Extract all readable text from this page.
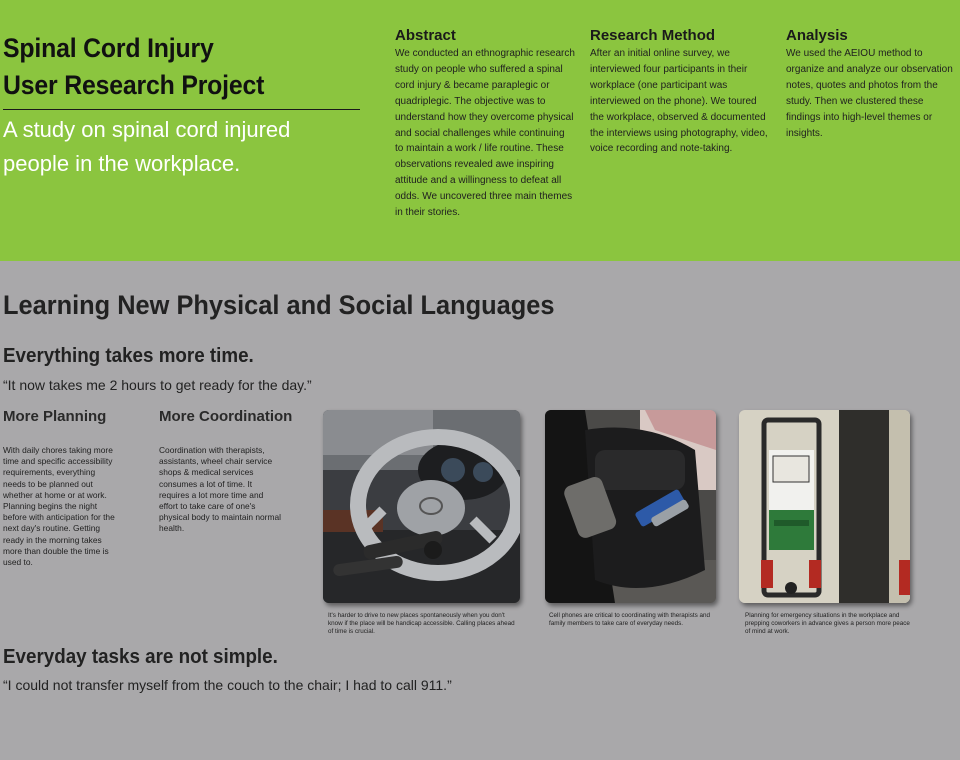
Spinal Cord Injury
User Research Project

A study on spinal cord injured
people in the workplace.

Abstract

We conducted an ethnographic research study on people who suffered a spinal cord injury & became paraplegic or quadriplegic. The objective was to understand how they overcome physical and social challenges while continuing to maintain a work / life routine. These observations revealed awe inspiring attitude and a willingness to defeat all odds. We uncovered three main themes in their stories.

Research Method

After an initial online survey, we interviewed four participants in their workplace (one participant was interviewed on the phone). We toured the workplace, observed & documented the interviews using photography, video, voice recording and note-taking.

Analysis

We used the AEIOU method to organize and analyze our observation notes, quotes and photos from the study. Then we clustered these findings into high-level themes or insights.

Learning New Physical and Social Languages
Everything takes more time.

“It now takes me 2 hours to get ready for the day.”

More Planning

With daily chores taking more time and specific accessibility requirements, everything needs to be planned out whether at home or at work. Planning begins the night before with anticipation for the next day's routine. Getting ready in the morning takes more than double the time is used to.

More Coordination

Coordination with therapists, assistants, wheel chair service shops & medical services consumes a lot of time. It requires a lot more time and effort to take care of one's physical body to maintain normal health.

It's harder to drive to new places spontaneously when you don't know if the place will be handicap accessible. Calling places ahead of time is crucial.

Cell phones are critical to coordinating with therapists and family members to take care of everyday needs.

Planning for emergency situations in the workplace and prepping coworkers in advance gives a person more peace of mind at work.

Everyday tasks are not simple.

“I could not transfer myself from the couch to the chair; I had to call 911.”
